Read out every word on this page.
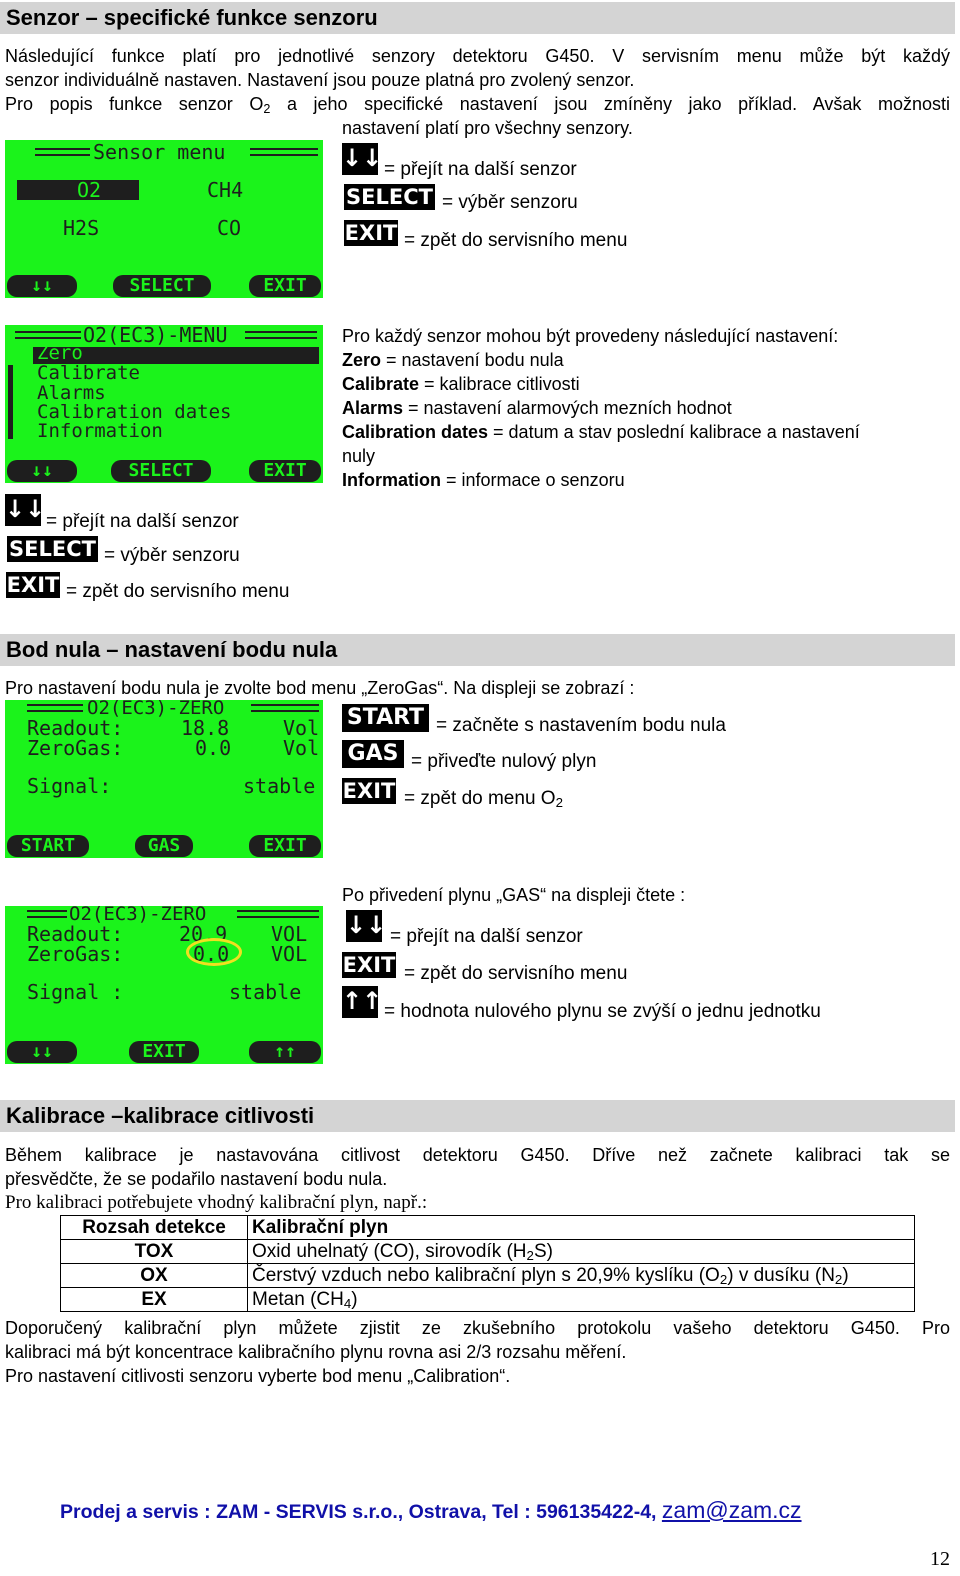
Senzor – specifické funkce senzoru
Následující funkce platí pro jednotlivé senzory detektoru G450. V servisním menu může být každý
senzor individuálně nastaven. Nastavení jsou pouze platná pro zvolený senzor.
Pro popis funkce senzor $O_2$ a jeho specifické nastavení jsou zmíněny jako příklad. Avšak možnosti
nastavení platí pro všechny senzory.
Sensor menu
O2	CH4
H2S	CO
↓↓	SELECT	EXIT
↓↓ = přejít na další senzor
SELECT = výběr senzoru
EXIT = zpět do servisního menu
O2(EC3)-MENU
Zero
Calibrate
Alarms
Calibration dates
Information
↓↓	SELECT	EXIT
Pro každý senzor mohou být provedeny následující nastavení:
Zero = nastavení bodu nula
Calibrate = kalibrace citlivosti
Alarms = nastavení alarmových mezních hodnot
Calibration dates = datum a stav poslední kalibrace a nastavení
nuly
Information = informace o senzoru
↓↓ = přejít na další senzor
SELECT = výběr senzoru
EXIT = zpět do servisního menu
Bod nula – nastavení bodu nula
Pro nastavení bodu nula je zvolte bod menu „ZeroGas“. Na displeji se zobrazí :
O2(EC3)-ZERO
Readout:	18.8	Vol
ZeroGas:	0.0	Vol
Signal:	stable
START	GAS	EXIT
START = začněte s nastavením bodu nula
GAS = přiveďte nulový plyn
EXIT = zpět do menu $O_2$
Po přivedení plynu „GAS“ na displeji čtete :
O2(EC3)-ZERO
Readout:	20.9 VOL
ZeroGas:	0.0 VOL
Signal :	stable
↓↓	EXIT	↑↑
↓↓ = přejít na další senzor
EXIT = zpět do servisního menu
↑↑ = hodnota nulového plynu se zvýší o jednu jednotku
Kalibrace –kalibrace citlivosti
Během kalibrace je nastavována citlivost detektoru G450. Dříve než začnete kalibraci tak se
přesvědčte, že se podařilo nastavení bodu nula.
Pro kalibraci potřebujete vhodný kalibrační plyn, např.:
Rozsah detekce	Kalibrační plyn
TOX	Oxid uhelnatý (CO), sirovodík $(H_2S)$
OX	Čerstvý vzduch nebo kalibrační plyn s 20,9% kyslíku $(O_2)$ v dusíku $(N_2)$
EX	Metan $(CH_4)$
Doporučený kalibrační plyn můžete zjistit ze zkušebního protokolu vašeho detektoru G450. Pro
kalibraci má být koncentrace kalibračního plynu rovna asi 2/3 rozsahu měření.
Pro nastavení citlivosti senzoru vyberte bod menu „Calibration“.
Prodej a servis : ZAM - SERVIS s.r.o., Ostrava, Tel : 596135422-4, zam@zam.cz
12
